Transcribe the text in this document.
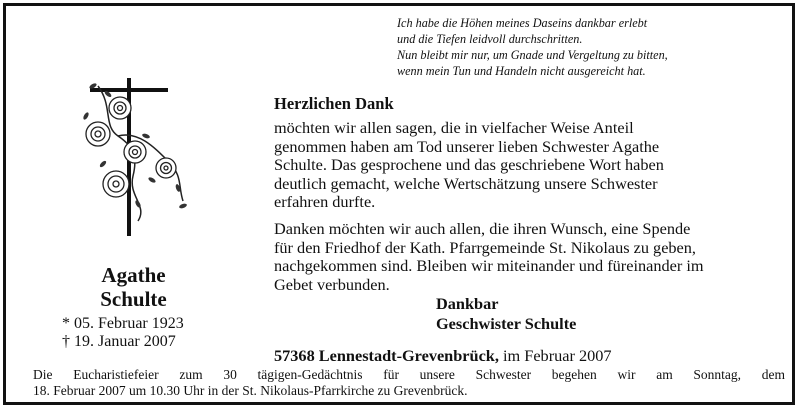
Ich habe die Höhen meines Daseins dankbar erlebt
und die Tiefen leidvoll durchschritten.
Nun bleibt mir nur, um Gnade und Vergeltung zu bitten,
wenn mein Tun und Handeln nicht ausgereicht hat.
Agathe
Schulte
* 05. Februar 1923
† 19. Januar 2007
Herzlichen Dank
möchten wir allen sagen, die in vielfacher Weise Anteil
genommen haben am Tod unserer lieben Schwester Agathe
Schulte. Das gesprochene und das geschriebene Wort haben
deutlich gemacht, welche Wertschätzung unsere Schwester
erfahren durfte.
Danken möchten wir auch allen, die ihren Wunsch, eine Spende
für den Friedhof der Kath. Pfarrgemeinde St. Nikolaus zu geben,
nachgekommen sind. Bleiben wir miteinander und füreinander im
Gebet verbunden.
Dankbar
Geschwister Schulte
57368 Lennestadt-Grevenbrück, im Februar 2007
Die Eucharistiefeier zum 30 tägigen-Gedächtnis für unsere Schwester begehen wir am Sonntag, dem
18. Februar 2007 um 10.30 Uhr in der St. Nikolaus-Pfarrkirche zu Grevenbrück.
